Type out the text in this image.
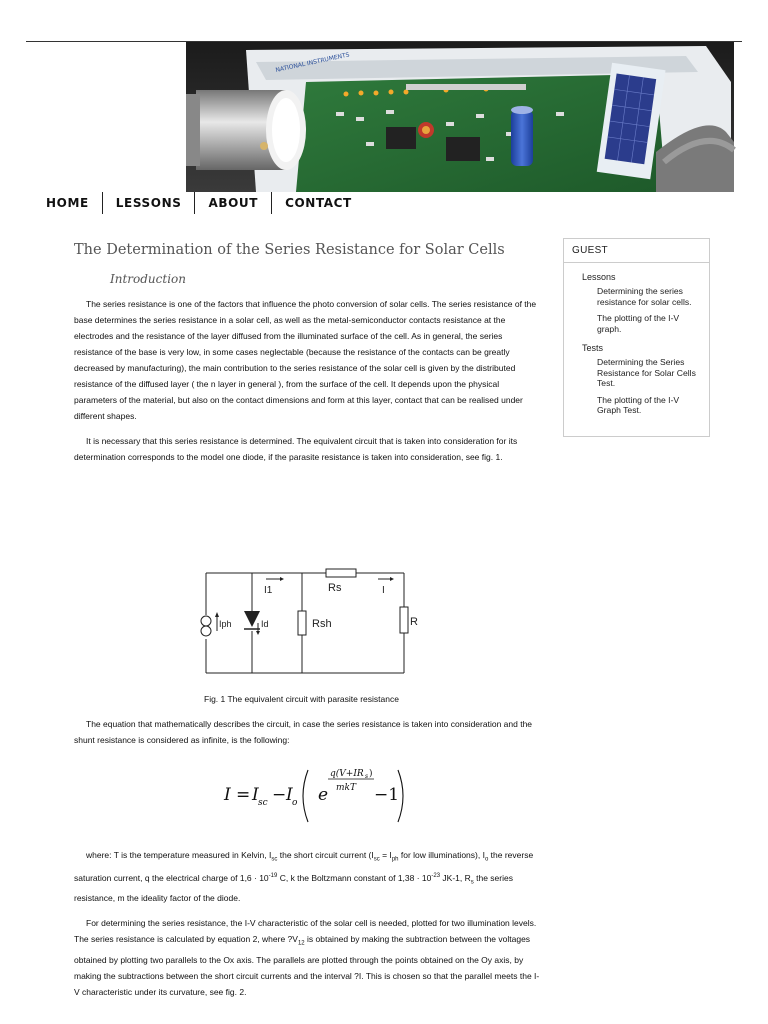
NATIONAL INSTRUMENTS
HOME	LESSONS	ABOUT	CONTACT
The Determination of the Series Resistance for Solar Cells
Introduction

The series resistance is one of the factors that influence the photo conversion of solar cells. The series resistance of the base determines the series resistance in a solar cell, as well as the metal-semiconductor contacts resistance at the electrodes and the resistance of the layer diffused from the illuminated surface of the cell. As in general, the series resistance of the base is very low, in some cases neglectable (because the resistance of the contacts can be greatly decreased by manufacturing), the main contribution to the series resistance of the solar cell is given by the distributed resistance of the diffused layer ( the n layer in general ), from the surface of the cell. It depends upon the physical parameters of the material, but also on the contact dimensions and form at this layer, contact that can be realised under different shapes.

It is necessary that this series resistance is determined. The equivalent circuit that is taken into consideration for its determination corresponds to the model one diode, if the parasite resistance is taken into consideration, see fig. 1.

Iph	Id	Rsh
Rs
R
I1	I
Fig. 1 The equivalent circuit with parasite resistance

The equation that mathematically describes the circuit, in case the series resistance is taken into consideration and the shunt resistance is considered as infinite, is the following:

I = I sc − I o e
q(V+IR s )
mkT −1

where: T is the temperature measured in Kelvin, $I_{sc}$ the short circuit current ($I_{sc} = I_{ph}$ for low illuminations), $I_o$ the reverse saturation current, q the electrical charge of $1,6 \cdot 10^{-19}$ C, k the Boltzmann constant of $1,38 \cdot 10^{-23}$ JK-1, $R_s$ the series resistance, m the ideality factor of the diode.

For determining the series resistance, the I-V characteristic of the solar cell is needed, plotted for two illumination levels. The series resistance is calculated by equation 2, where $?V_{12}$ is obtained by making the subtraction between the voltages obtained by plotting two parallels to the Ox axis. The parallels are plotted through the points obtained on the Oy axis, by making the subtractions between the short circuit currents and the interval ?I. This is chosen so that the parallel meets the I-V characteristic under its curvature, see fig. 2.

GUEST
Lessons
Determining the series resistance for solar cells.
The plotting of the I-V graph.
Tests
Determining the Series Resistance for Solar Cells Test.
The plotting of the I-V Graph Test.
